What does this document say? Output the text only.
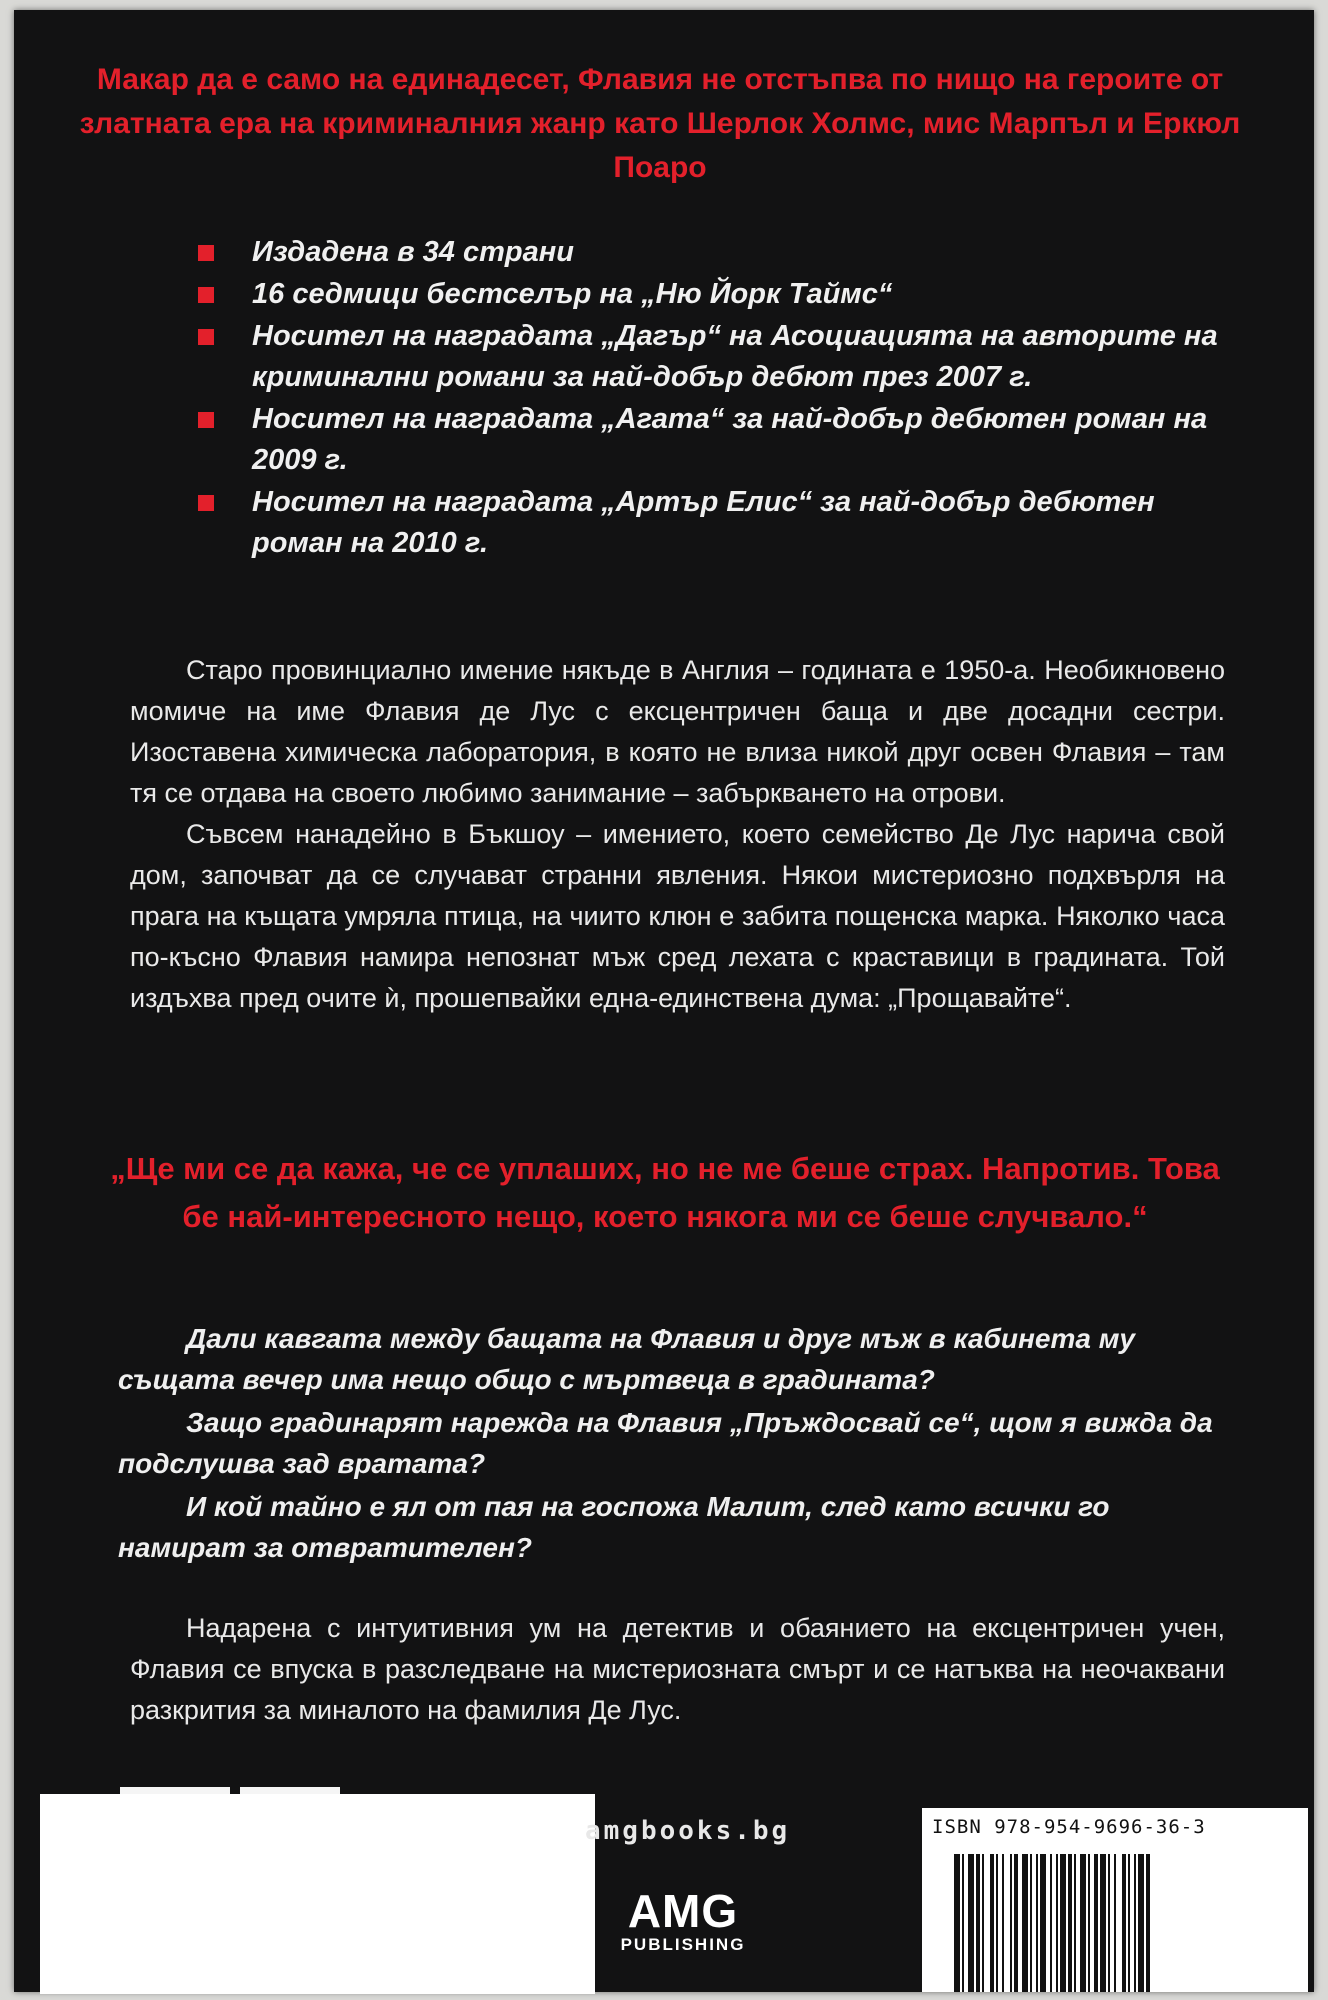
Макар да е само на единадесет, Флавия не отстъпва по нищо на героите от златната ера на криминалния жанр като Шерлок Холмс, мис Марпъл и Еркюл Поаро
Издадена в 34 страни
16 седмици бестселър на „Ню Йорк Таймс“
Носител на наградата „Дагър“ на Асоциацията на авторите на криминални романи за най-добър дебют през 2007 г.
Носител на наградата „Агата“ за най-добър дебютен роман на 2009 г.
Носител на наградата „Артър Елис“ за най-добър дебютен роман на 2010 г.

Старо провинциално имение някъде в Англия – годината е 1950-а. Необикновено момиче на име Флавия де Лус с ексцентричен баща и две досадни сестри. Изоставена химическа лаборатория, в която не влиза никой друг освен Флавия – там тя се отдава на своето любимо занимание – забъркването на отрови.

Съвсем нанадейно в Бъкшоу – имението, което семейство Де Лус нарича свой дом, започват да се случават странни явления. Някои мистериозно подхвърля на прага на къщата умряла птица, на чиито клюн е забита пощенска марка. Няколко часа по-късно Флавия намира непознат мъж сред лехата с краставици в градината. Той издъхва пред очите ѝ, прошепвайки една-единствена дума: „Прощавайте“.

„Ще ми се да кажа, че се уплаших, но не ме беше страх. Напротив. Това бе най-интересното нещо, което някога ми се беше случвало.“

Дали кавгата между бащата на Флавия и друг мъж в кабинета му същата вечер има нещо общо с мъртвеца в градината?

Защо градинарят нарежда на Флавия „Пръждосвай се“, щом я вижда да подслушва зад вратата?

И кой тайно е ял от пая на госпожа Малит, след като всички го намират за отвратителен?

Надарена с интуитивния ум на детектив и обаянието на ексцентричен учен, Флавия се впуска в разследване на мистериозната смърт и се натъква на неочаквани разкрития за миналото на фамилия Де Лус.

amgbooks.bg
AMG
PUBLISHING
ISBN 978-954-9696-36-3
